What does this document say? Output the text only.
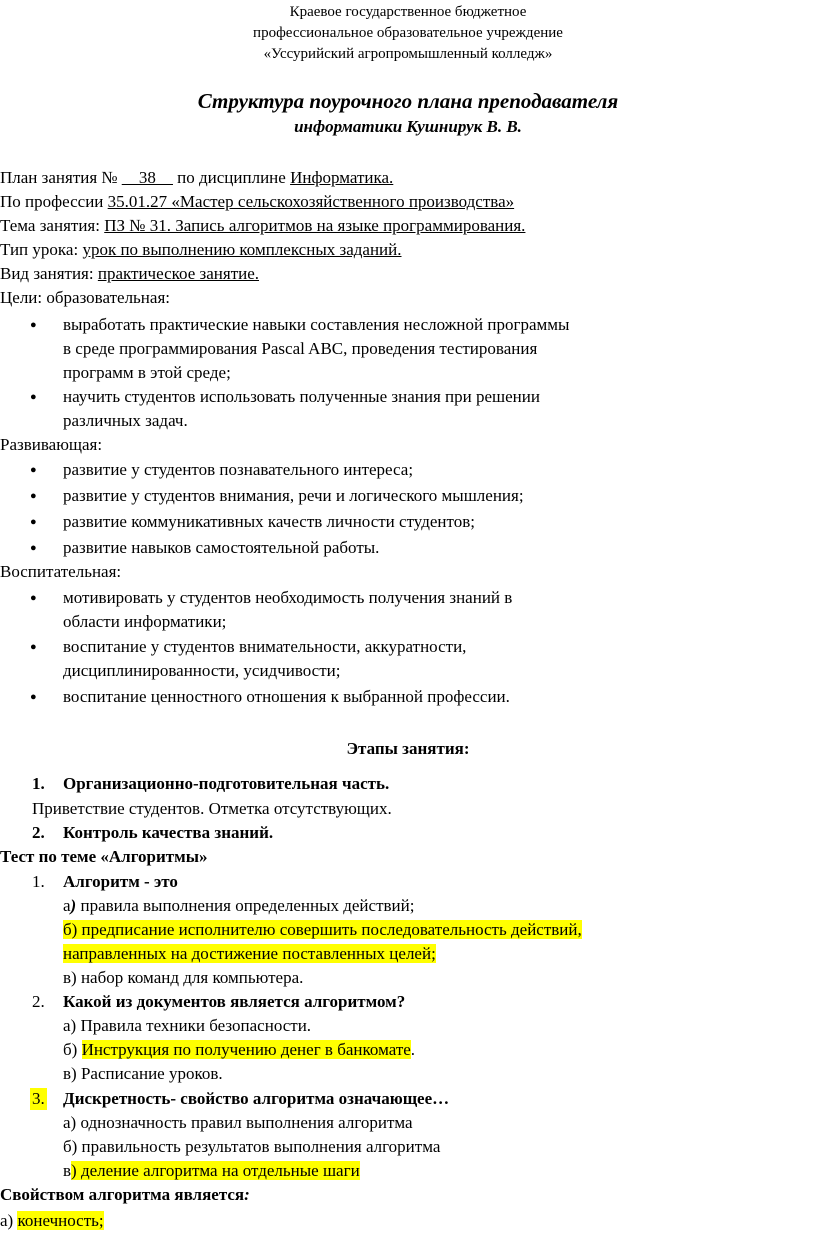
Краевое государственное бюджетное
профессиональное образовательное учреждение
«Уссурийский агропромышленный колледж»
Структура поурочного плана преподавателя
информатики Кушнирук В. В.
План занятия № __38__ по дисциплине Информатика.
По профессии 35.01.27 «Мастер сельскохозяйственного производства»
Тема занятия: ПЗ № 31. Запись алгоритмов на языке программирования.
Тип урока: урок по выполнению комплексных заданий.
Вид занятия: практическое занятие.
Цели: образовательная:
● выработать практические навыки составления несложной программы
в среде программирования Pascal ABC, проведения тестирования
программ в этой среде;
● научить студентов использовать полученные знания при решении
различных задач.
Развивающая:
● развитие у студентов познавательного интереса;
● развитие у студентов внимания, речи и логического мышления;
● развитие коммуникативных качеств личности студентов;
● развитие навыков самостоятельной работы.
Воспитательная:
● мотивировать у студентов необходимость получения знаний в
области информатики;
● воспитание у студентов внимательности, аккуратности,
дисциплинированности, усидчивости;
● воспитание ценностного отношения к выбранной профессии.
Этапы занятия:
1. Организационно-подготовительная часть.
Приветствие студентов. Отметка отсутствующих.
2. Контроль качества знаний.
Тест по теме «Алгоритмы»
1. Алгоритм - это
а) правила выполнения определенных действий;
б) предписание исполнителю совершить последовательность действий,
направленных на достижение поставленных целей;
в) набор команд для компьютера.
2. Какой из документов является алгоритмом?
а) Правила техники безопасности.
б) Инструкция по получению денег в банкомате.
в) Расписание уроков.
3. Дискретность- свойство алгоритма означающее…
а) однозначность правил выполнения алгоритма
б) правильность результатов выполнения алгоритма
в) деление алгоритма на отдельные шаги
Свойством алгоритма является:
а) конечность;
